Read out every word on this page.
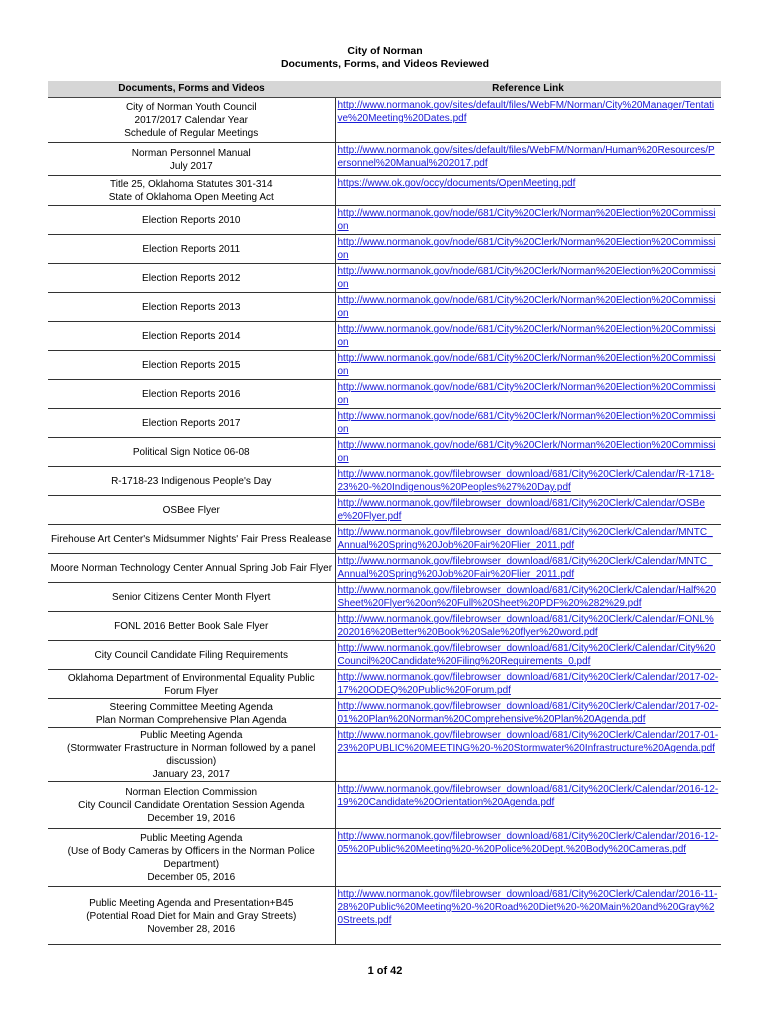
City of Norman
Documents, Forms, and Videos Reviewed
Documents, Forms and Videos	Reference Link

City of Norman Youth Council
2017/2017 Calendar Year
Schedule of Regular Meetings	http://www.normanok.gov/sites/default/files/WebFM/Norman/City%20Manager/Tentative%20Meeting%20Dates.pdf

Norman Personnel Manual
July 2017	http://www.normanok.gov/sites/default/files/WebFM/Norman/Human%20Resources/Personnel%20Manual%202017.pdf

Title 25, Oklahoma Statutes 301-314
State of Oklahoma Open Meeting Act	https://www.ok.gov/occy/documents/OpenMeeting.pdf

Election Reports 2010	http://www.normanok.gov/node/681/City%20Clerk/Norman%20Election%20Commission

Election Reports 2011	http://www.normanok.gov/node/681/City%20Clerk/Norman%20Election%20Commission

Election Reports 2012	http://www.normanok.gov/node/681/City%20Clerk/Norman%20Election%20Commission

Election Reports 2013	http://www.normanok.gov/node/681/City%20Clerk/Norman%20Election%20Commission

Election Reports 2014	http://www.normanok.gov/node/681/City%20Clerk/Norman%20Election%20Commission

Election Reports 2015	http://www.normanok.gov/node/681/City%20Clerk/Norman%20Election%20Commission

Election Reports 2016	http://www.normanok.gov/node/681/City%20Clerk/Norman%20Election%20Commission

Election Reports 2017	http://www.normanok.gov/node/681/City%20Clerk/Norman%20Election%20Commission

Political Sign Notice 06-08	http://www.normanok.gov/node/681/City%20Clerk/Norman%20Election%20Commission

R-1718-23 Indigenous People's Day	http://www.normanok.gov/filebrowser_download/681/City%20Clerk/Calendar/R-1718-23%20-%20Indigenous%20Peoples%27%20Day.pdf

OSBee Flyer	http://www.normanok.gov/filebrowser_download/681/City%20Clerk/Calendar/OSBee%20Flyer.pdf

Firehouse Art Center's Midsummer Nights' Fair Press Realease	http://www.normanok.gov/filebrowser_download/681/City%20Clerk/Calendar/MNTC_Annual%20Spring%20Job%20Fair%20Flier_2011.pdf

Moore Norman Technology Center Annual Spring Job Fair Flyer	http://www.normanok.gov/filebrowser_download/681/City%20Clerk/Calendar/MNTC_Annual%20Spring%20Job%20Fair%20Flier_2011.pdf

Senior Citizens Center Month Flyert	http://www.normanok.gov/filebrowser_download/681/City%20Clerk/Calendar/Half%20Sheet%20Flyer%20on%20Full%20Sheet%20PDF%20%282%29.pdf

FONL 2016 Better Book Sale Flyer	http://www.normanok.gov/filebrowser_download/681/City%20Clerk/Calendar/FONL%202016%20Better%20Book%20Sale%20flyer%20word.pdf

City Council Candidate Filing Requirements	http://www.normanok.gov/filebrowser_download/681/City%20Clerk/Calendar/City%20Council%20Candidate%20Filing%20Requirements_0.pdf

Oklahoma Department of Environmental Equality Public
Forum Flyer	http://www.normanok.gov/filebrowser_download/681/City%20Clerk/Calendar/2017-02-17%20ODEQ%20Public%20Forum.pdf

Steering Committee Meeting Agenda
Plan Norman Comprehensive Plan Agenda	http://www.normanok.gov/filebrowser_download/681/City%20Clerk/Calendar/2017-02-01%20Plan%20Norman%20Comprehensive%20Plan%20Agenda.pdf

Public Meeting Agenda
(Stormwater Frastructure in Norman followed by a panel discussion)
January 23, 2017	http://www.normanok.gov/filebrowser_download/681/City%20Clerk/Calendar/2017-01-23%20PUBLIC%20MEETING%20-%20Stormwater%20Infrastructure%20Agenda.pdf

Norman Election Commission
City Council Candidate Orentation Session Agenda
December 19, 2016	http://www.normanok.gov/filebrowser_download/681/City%20Clerk/Calendar/2016-12-19%20Candidate%20Orientation%20Agenda.pdf

Public Meeting Agenda
(Use of Body Cameras by Officers in the Norman Police Department)
December 05, 2016	http://www.normanok.gov/filebrowser_download/681/City%20Clerk/Calendar/2016-12-05%20Public%20Meeting%20-%20Police%20Dept.%20Body%20Cameras.pdf

Public Meeting Agenda and Presentation+B45
(Potential Road Diet for Main and Gray Streets)
November 28, 2016	http://www.normanok.gov/filebrowser_download/681/City%20Clerk/Calendar/2016-11-28%20Public%20Meeting%20-%20Road%20Diet%20-%20Main%20and%20Gray%20Streets.pdf
1 of 42
